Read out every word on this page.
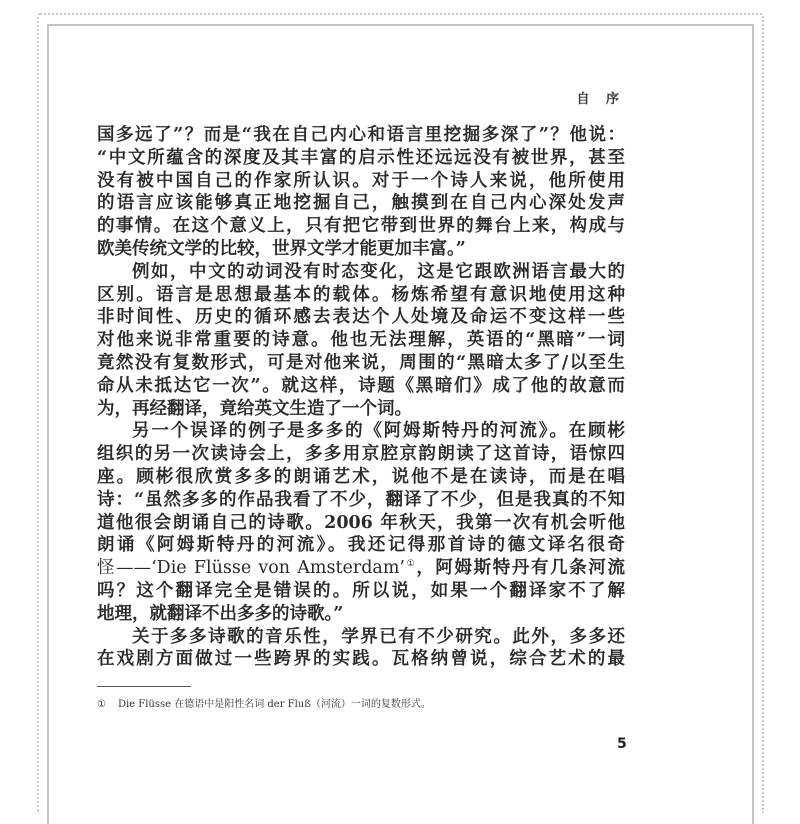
自 序
国多远了”？而是“我在自己内心和语言里挖掘多深了”？他说：
“中文所蕴含的深度及其丰富的启示性还远远没有被世界，甚至
没有被中国自己的作家所认识。对于一个诗人来说，他所使用
的语言应该能够真正地挖掘自己，触摸到在自己内心深处发声
的事情。在这个意义上，只有把它带到世界的舞台上来，构成与
欧美传统文学的比较，世界文学才能更加丰富。”
例如，中文的动词没有时态变化，这是它跟欧洲语言最大的
区别。语言是思想最基本的载体。杨炼希望有意识地使用这种
非时间性、历史的循环感去表达个人处境及命运不变这样一些
对他来说非常重要的诗意。他也无法理解，英语的“黑暗”一词
竟然没有复数形式，可是对他来说，周围的“黑暗太多了/以至生
命从未抵达它一次”。就这样，诗题《黑暗们》成了他的故意而
为，再经翻译，竟给英文生造了一个词。
另一个误译的例子是多多的《阿姆斯特丹的河流》。在顾彬
组织的另一次读诗会上，多多用京腔京韵朗读了这首诗，语惊四
座。顾彬很欣赏多多的朗诵艺术，说他不是在读诗，而是在唱
诗：“虽然多多的作品我看了不少，翻译了不少，但是我真的不知
道他很会朗诵自己的诗歌。2006 年秋天，我第一次有机会听他
朗诵《阿姆斯特丹的河流》。我还记得那首诗的德文译名很奇
怪——‘Die Flüsse von Amsterdam’①，阿姆斯特丹有几条河流
吗？这个翻译完全是错误的。所以说，如果一个翻译家不了解
地理，就翻译不出多多的诗歌。”
关于多多诗歌的音乐性，学界已有不少研究。此外，多多还
在戏剧方面做过一些跨界的实践。瓦格纳曾说，综合艺术的最
① Die Flüsse 在德语中是阳性名词 der Fluß（河流）一词的复数形式。
5
